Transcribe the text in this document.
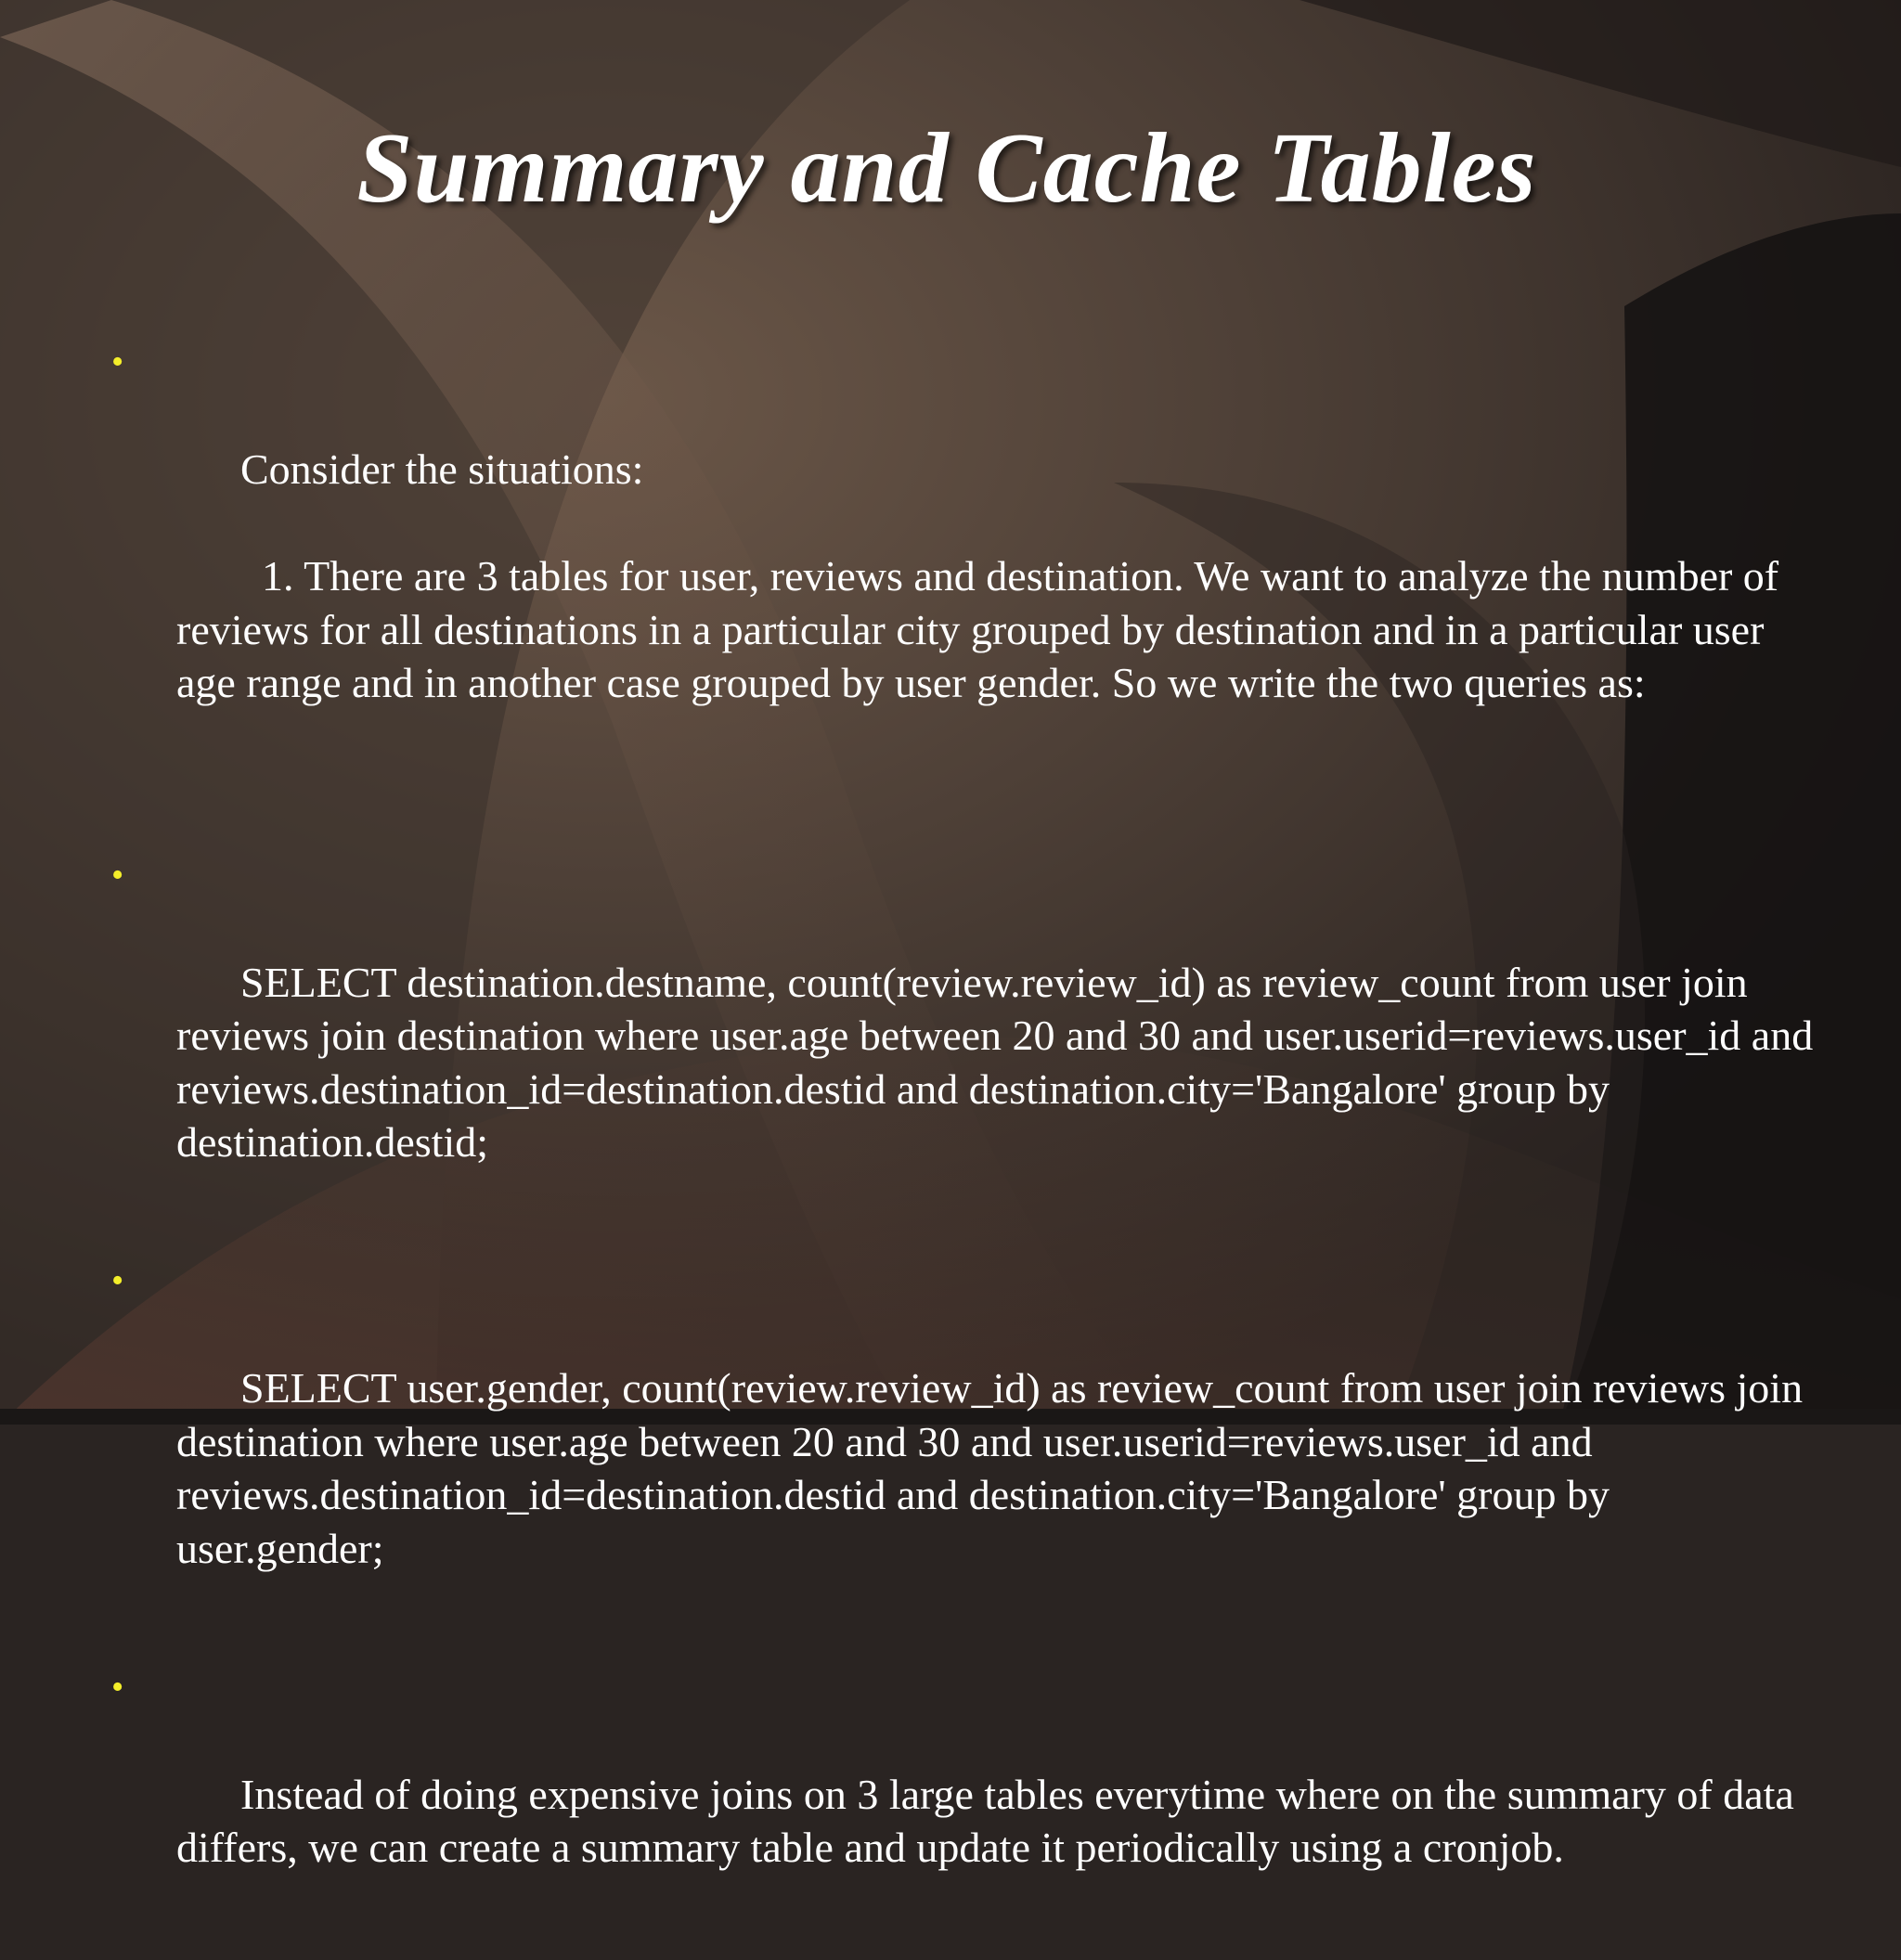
Summary and Cache Tables

•

Consider the situations:

1. There are 3 tables for user, reviews and destination. We want to analyze the number of reviews for all destinations in a particular city grouped by destination and in a particular user age range and in another case grouped by user gender. So we write the two queries as:

•

SELECT destination.destname, count(review.review_id) as review_count from user join reviews join destination where user.age between 20 and 30 and user.userid=reviews.user_id and reviews.destination_id=destination.destid and destination.city='Bangalore' group by destination.destid;

•

SELECT user.gender, count(review.review_id) as review_count from user join reviews join destination where user.age between 20 and 30 and user.userid=reviews.user_id and reviews.destination_id=destination.destid and destination.city='Bangalore' group by user.gender;

•

Instead of doing expensive joins on 3 large tables everytime where on the summary of data differs, we can create a summary table and update it periodically using a cronjob.
